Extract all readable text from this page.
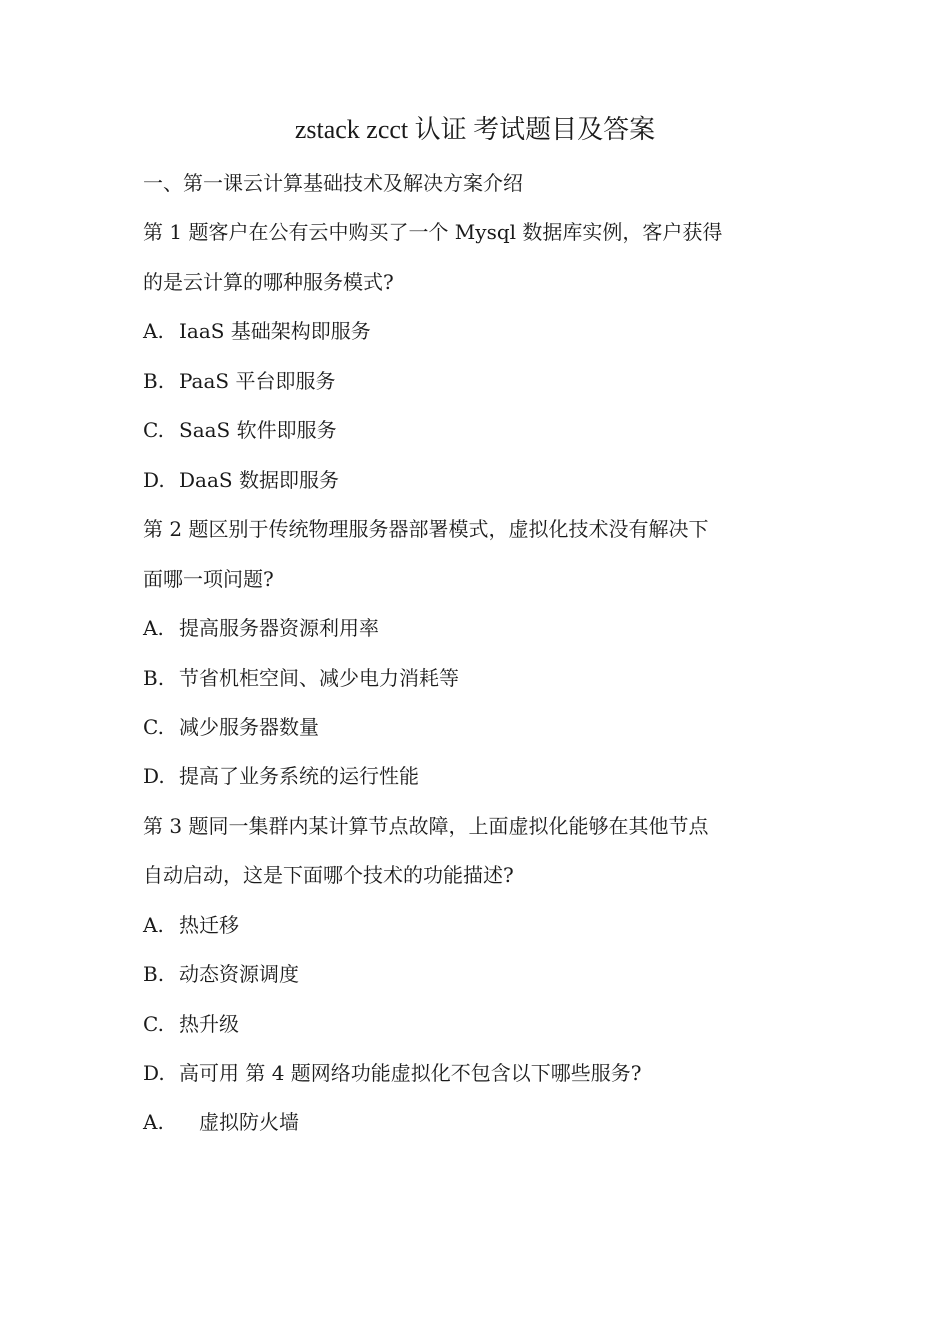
zstack zcct 认证 考试题目及答案
一、第一课云计算基础技术及解决方案介绍
第 1 题客户在公有云中购买了一个 Mysql 数据库实例，客户获得
的是云计算的哪种服务模式?
A. IaaS 基础架构即服务
B. PaaS 平台即服务
C. SaaS 软件即服务
D. DaaS 数据即服务
第 2 题区别于传统物理服务器部署模式，虚拟化技术没有解决下
面哪一项问题?
A. 提高服务器资源利用率
B. 节省机柜空间、减少电力消耗等
C. 减少服务器数量
D. 提高了业务系统的运行性能
第 3 题同一集群内某计算节点故障，上面虚拟化能够在其他节点
自动启动，这是下面哪个技术的功能描述?
A. 热迁移
B. 动态资源调度
C. 热升级
D. 高可用 第 4 题网络功能虚拟化不包含以下哪些服务?
A. 虚拟防火墙
